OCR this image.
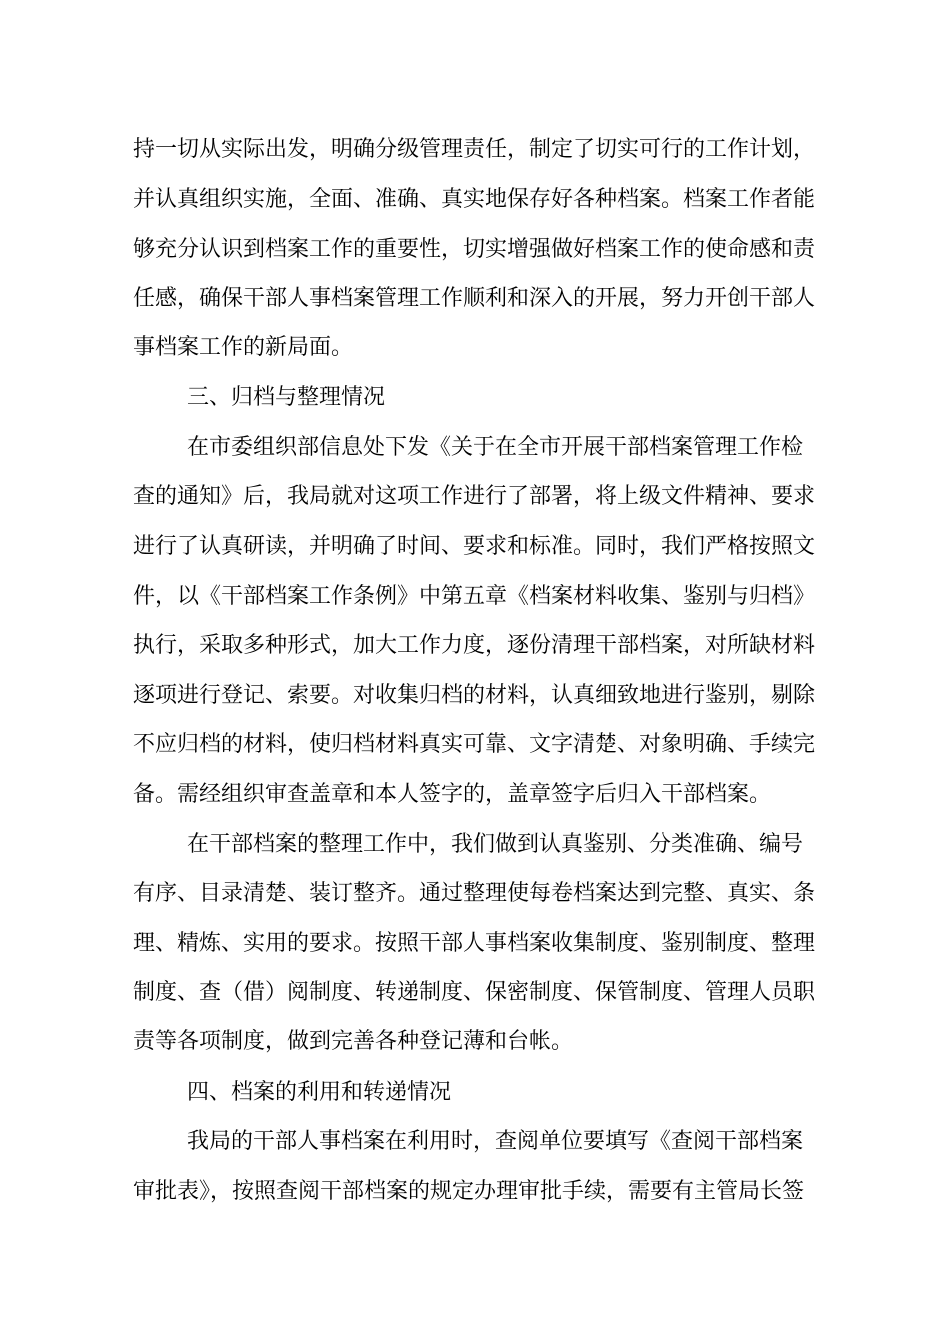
持一切从实际出发，明确分级管理责任，制定了切实可行的工作计划，
并认真组织实施，全面、准确、真实地保存好各种档案。档案工作者能
够充分认识到档案工作的重要性，切实增强做好档案工作的使命感和责
任感，确保干部人事档案管理工作顺利和深入的开展，努力开创干部人
事档案工作的新局面。
三、归档与整理情况
在市委组织部信息处下发《关于在全市开展干部档案管理工作检
查的通知》后，我局就对这项工作进行了部署，将上级文件精神、要求
进行了认真研读，并明确了时间、要求和标准。同时，我们严格按照文
件，以《干部档案工作条例》中第五章《档案材料收集、鉴别与归档》
执行，采取多种形式，加大工作力度，逐份清理干部档案，对所缺材料
逐项进行登记、索要。对收集归档的材料，认真细致地进行鉴别，剔除
不应归档的材料，使归档材料真实可靠、文字清楚、对象明确、手续完
备。需经组织审查盖章和本人签字的，盖章签字后归入干部档案。
在干部档案的整理工作中，我们做到认真鉴别、分类准确、编号
有序、目录清楚、装订整齐。通过整理使每卷档案达到完整、真实、条
理、精炼、实用的要求。按照干部人事档案收集制度、鉴别制度、整理
制度、查（借）阅制度、转递制度、保密制度、保管制度、管理人员职
责等各项制度，做到完善各种登记薄和台帐。
四、档案的利用和转递情况
我局的干部人事档案在利用时，查阅单位要填写《查阅干部档案
审批表》，按照查阅干部档案的规定办理审批手续，需要有主管局长签
